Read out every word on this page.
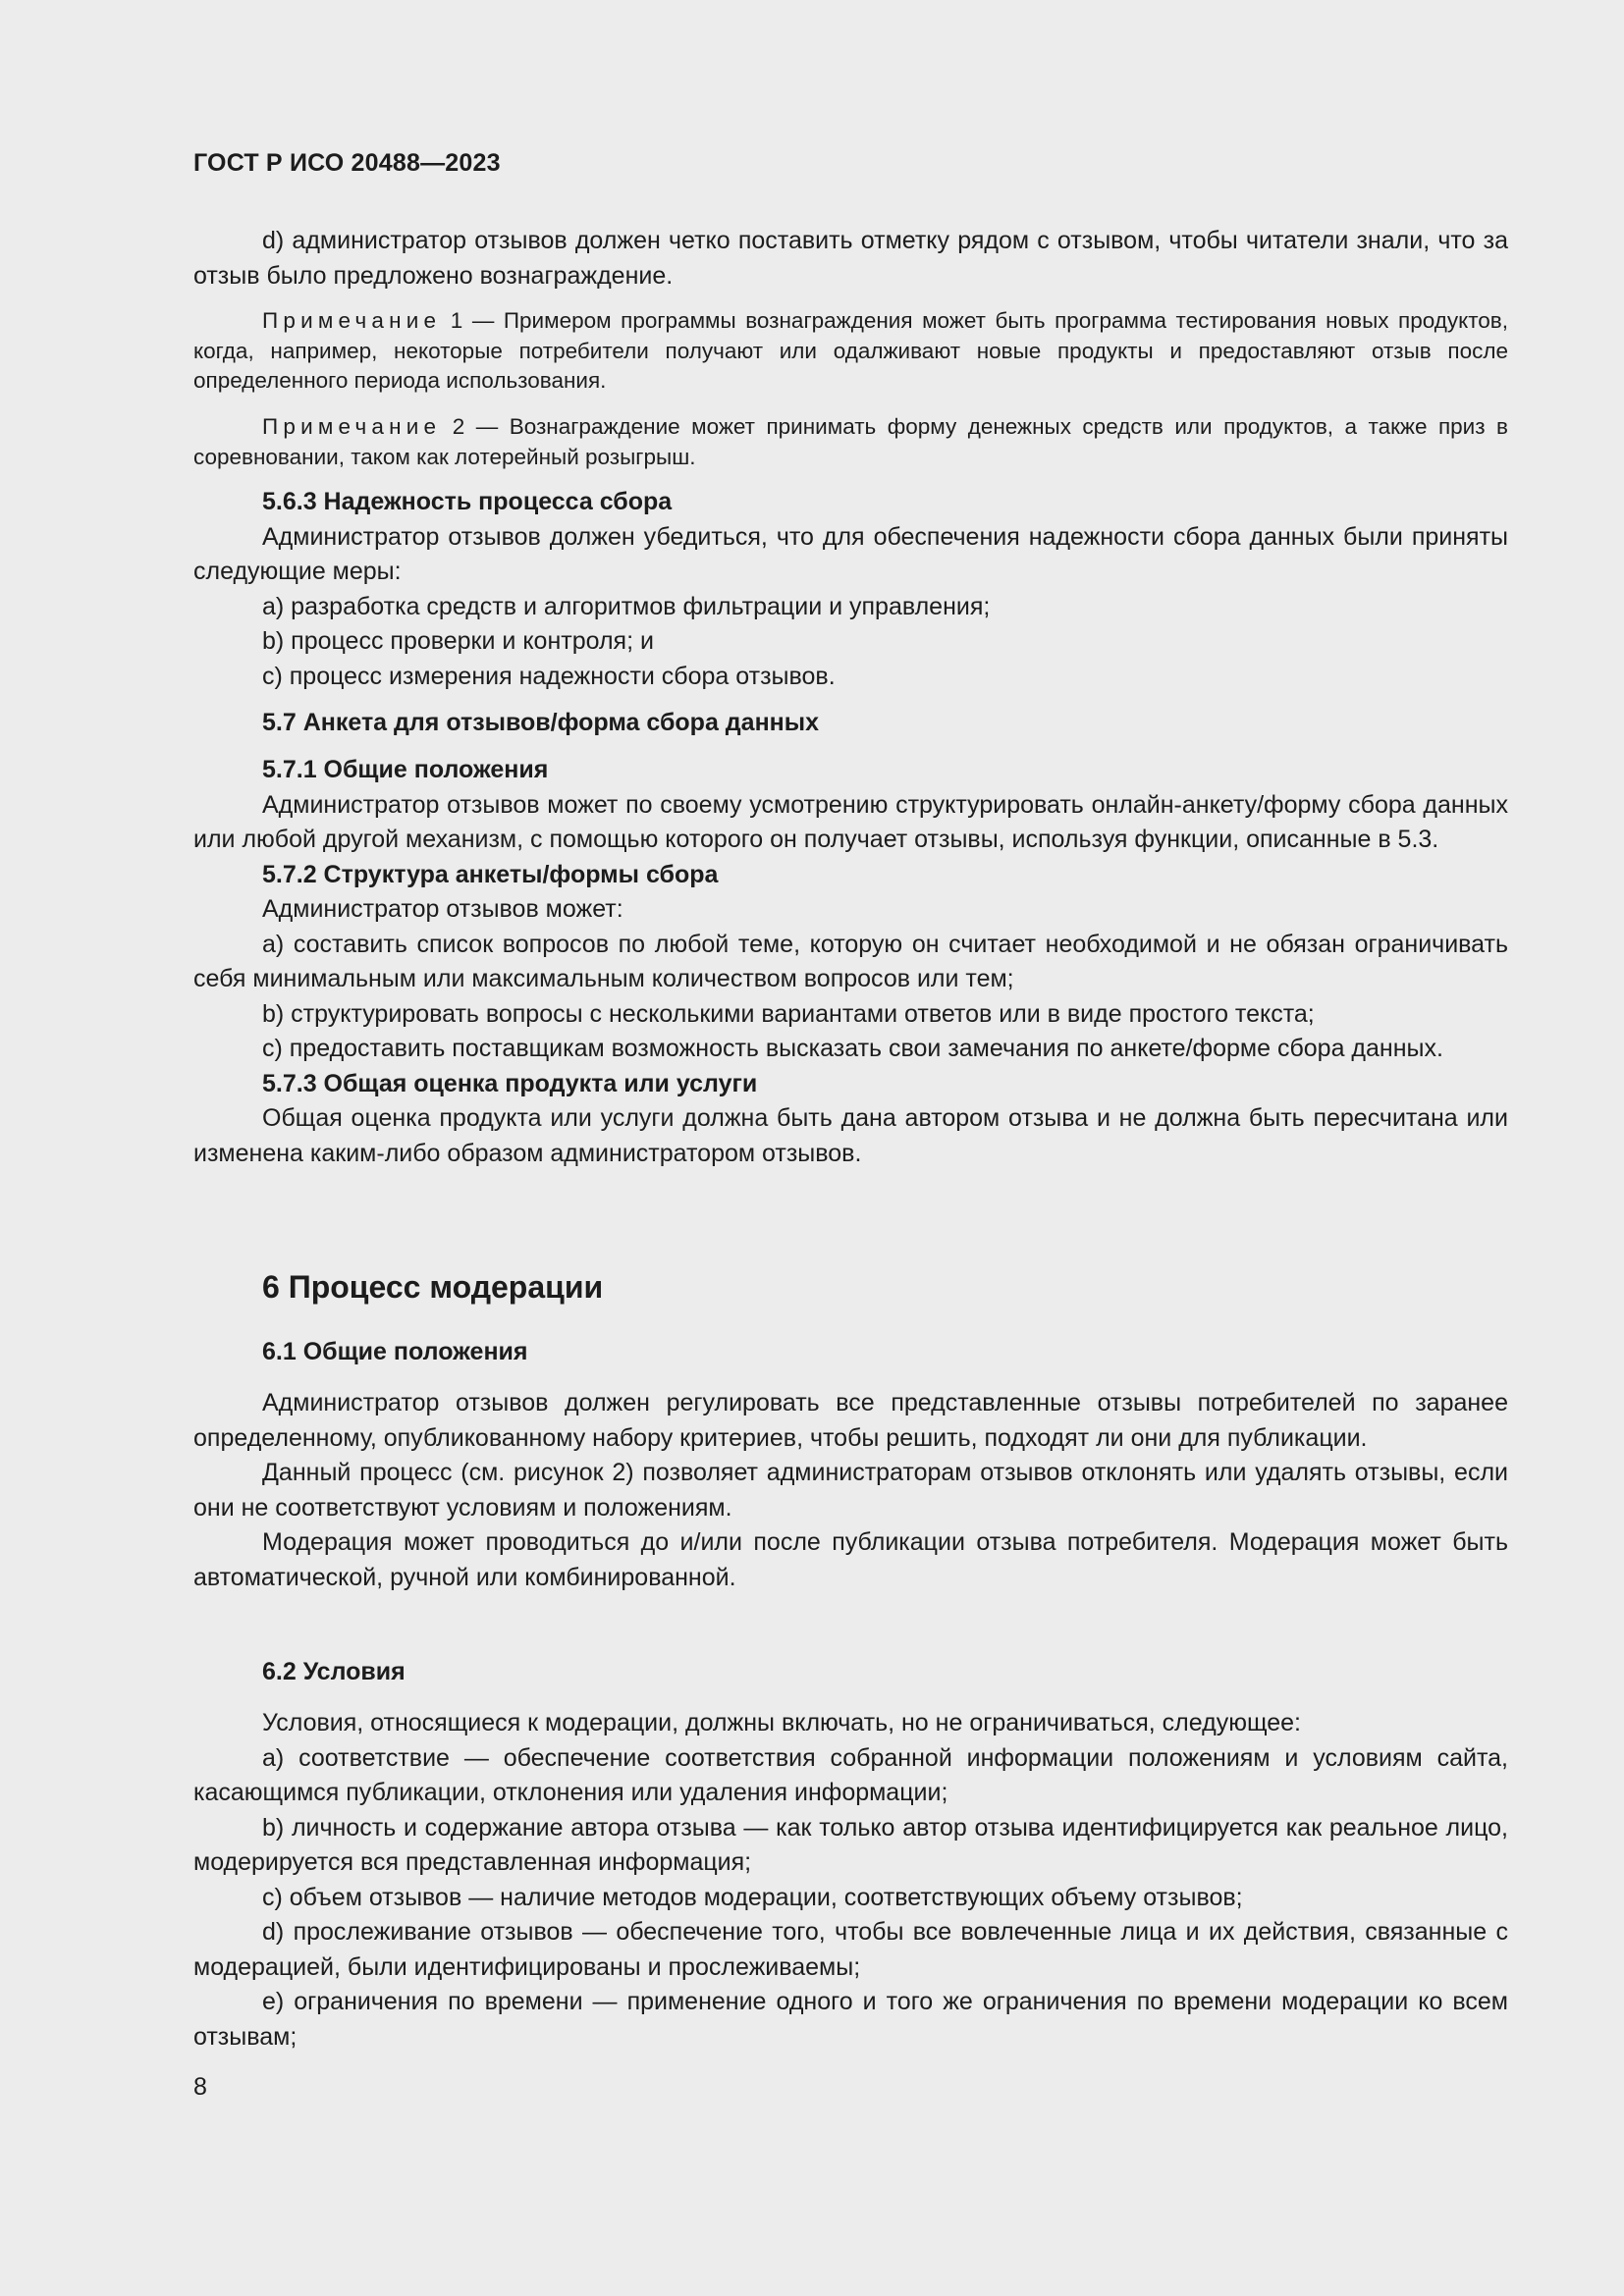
ГОСТ Р ИСО 20488—2023

d) администратор отзывов должен четко поставить отметку рядом с отзывом, чтобы читатели знали, что за отзыв было предложено вознаграждение.

Примечание 1 — Примером программы вознаграждения может быть программа тестирования новых продуктов, когда, например, некоторые потребители получают или одалживают новые продукты и предоставляют отзыв после определенного периода использования.

Примечание 2 — Вознаграждение может принимать форму денежных средств или продуктов, а также приз в соревновании, таком как лотерейный розыгрыш.

5.6.3 Надежность процесса сбора

Администратор отзывов должен убедиться, что для обеспечения надежности сбора данных были приняты следующие меры:

a) разработка средств и алгоритмов фильтрации и управления;

b) процесс проверки и контроля; и

c) процесс измерения надежности сбора отзывов.

5.7 Анкета для отзывов/форма сбора данных

5.7.1 Общие положения

Администратор отзывов может по своему усмотрению структурировать онлайн-анкету/форму сбора данных или любой другой механизм, с помощью которого он получает отзывы, используя функции, описанные в 5.3.

5.7.2 Структура анкеты/формы сбора

Администратор отзывов может:

a) составить список вопросов по любой теме, которую он считает необходимой и не обязан ограничивать себя минимальным или максимальным количеством вопросов или тем;

b) структурировать вопросы с несколькими вариантами ответов или в виде простого текста;

c) предоставить поставщикам возможность высказать свои замечания по анкете/форме сбора данных.

5.7.3 Общая оценка продукта или услуги

Общая оценка продукта или услуги должна быть дана автором отзыва и не должна быть пересчитана или изменена каким-либо образом администратором отзывов.

6 Процесс модерации

6.1 Общие положения

Администратор отзывов должен регулировать все представленные отзывы потребителей по заранее определенному, опубликованному набору критериев, чтобы решить, подходят ли они для публикации.

Данный процесс (см. рисунок 2) позволяет администраторам отзывов отклонять или удалять отзывы, если они не соответствуют условиям и положениям.

Модерация может проводиться до и/или после публикации отзыва потребителя. Модерация может быть автоматической, ручной или комбинированной.

6.2 Условия

Условия, относящиеся к модерации, должны включать, но не ограничиваться, следующее:

a) соответствие — обеспечение соответствия собранной информации положениям и условиям сайта, касающимся публикации, отклонения или удаления информации;

b) личность и содержание автора отзыва — как только автор отзыва идентифицируется как реальное лицо, модерируется вся представленная информация;

c) объем отзывов — наличие методов модерации, соответствующих объему отзывов;

d) прослеживание отзывов — обеспечение того, чтобы все вовлеченные лица и их действия, связанные с модерацией, были идентифицированы и прослеживаемы;

e) ограничения по времени — применение одного и того же ограничения по времени модерации ко всем отзывам;

8
